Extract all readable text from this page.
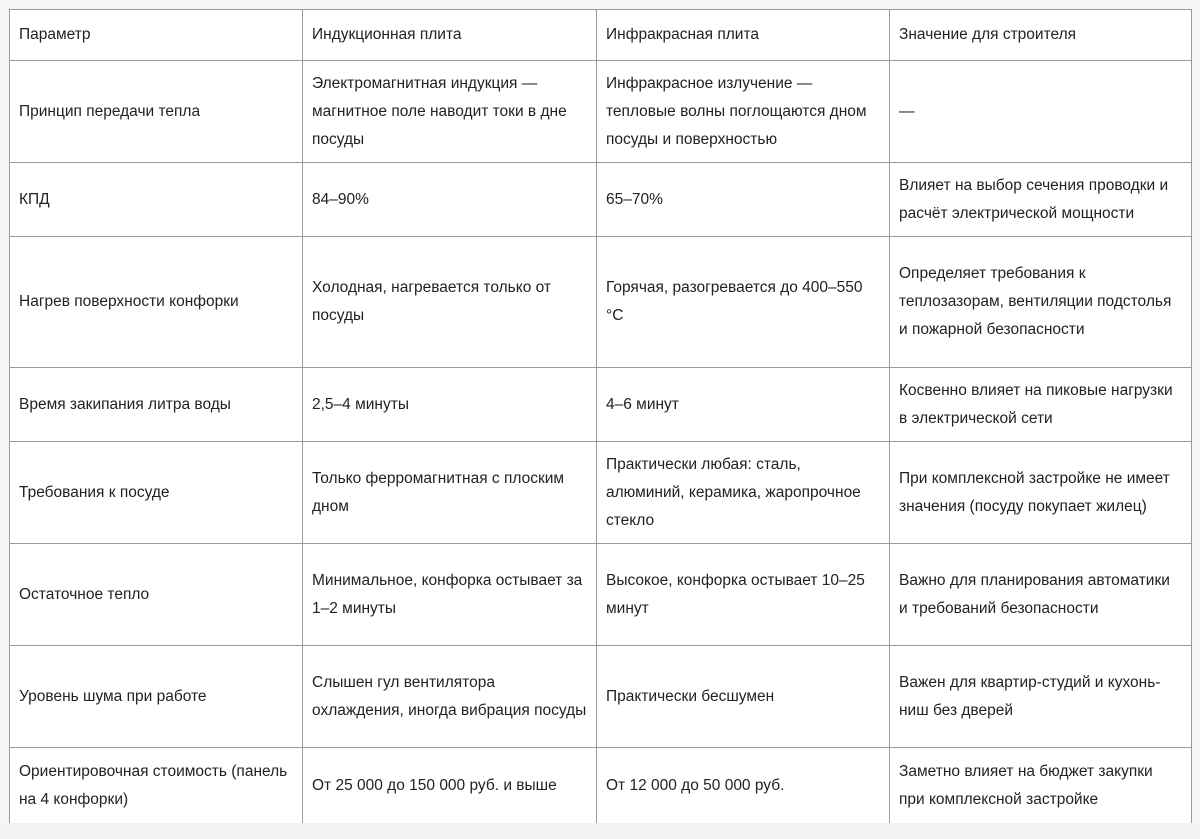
Параметр	Индукционная плита	Инфракрасная плита	Значение для строителя
Принцип передачи тепла	Электромагнитная индукция — магнитное поле наводит токи в дне посуды	Инфракрасное излучение — тепловые волны поглощаются дном посуды и поверхностью	—
КПД	84–90%	65–70%	Влияет на выбор сечения проводки и расчёт электрической мощности
Нагрев поверхности конфорки	Холодная, нагревается только от посуды	Горячая, разогревается до 400–550 °C	Определяет требования к теплозазорам, вентиляции подстолья и пожарной безопасности
Время закипания литра воды	2,5–4 минуты	4–6 минут	Косвенно влияет на пиковые нагрузки в электрической сети
Требования к посуде	Только ферромагнитная с плоским дном	Практически любая: сталь, алюминий, керамика, жаропрочное стекло	При комплексной застройке не имеет значения (посуду покупает жилец)
Остаточное тепло	Минимальное, конфорка остывает за 1–2 минуты	Высокое, конфорка остывает 10–25 минут	Важно для планирования автоматики и требований безопасности
Уровень шума при работе	Слышен гул вентилятора охлаждения, иногда вибрация посуды	Практически бесшумен	Важен для квартир-студий и кухонь-ниш без дверей
Ориентировочная стоимость (панель на 4 конфорки)	От 25 000 до 150 000 руб. и выше	От 12 000 до 50 000 руб.	Заметно влияет на бюджет закупки при комплексной застройке
